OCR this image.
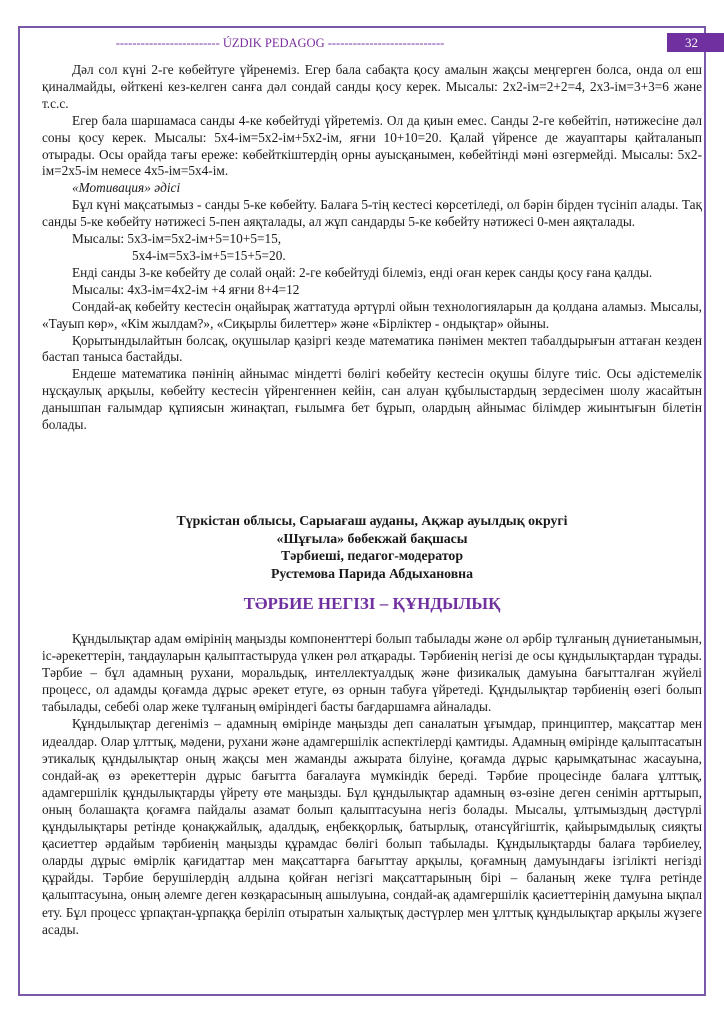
------------------------- ÚZDIK PEDAGOG ----------------------------	32

Дәл сол күні 2-ге көбейтуге үйренеміз. Егер бала сабақта қосу амалын жақсы меңгерген болса, онда ол еш қиналмайды, өйткені кез-келген санға дәл сондай санды қосу керек. Мысалы: 2х2-ім=2+2=4, 2х3-ім=3+3=6 және т.с.с.

Егер бала шаршамаса санды 4-ке көбейтуді үйретеміз. Ол да қиын емес. Санды 2-ге көбейтіп, нәтижесіне дәл соны қосу керек. Мысалы: 5х4-ім=5х2-ім+5х2-ім, яғни 10+10=20. Қалай үйренсе де жауаптары қайталанып отырады. Осы орайда тағы ереже: көбейткіштердің орны ауысқанымен, көбейтінді мәні өзгермейді. Мысалы: 5х2-ім=2х5-ім немесе 4х5-ім=5х4-ім.

«Мотивация» әдісі

Бұл күні мақсатымыз - санды 5-ке көбейту. Балаға 5-тің кестесі көрсетіледі, ол бәрін бірден түсініп алады. Тақ санды 5-ке көбейту нәтижесі 5-пен аяқталады, ал жұп сандарды 5-ке көбейту нәтижесі 0-мен аяқталады.

Мысалы: 5х3-ім=5х2-ім+5=10+5=15,

5х4-ім=5х3-ім+5=15+5=20.

Енді санды 3-ке көбейту де солай оңай: 2-ге көбейтуді білеміз, енді оған керек санды қосу ғана қалды.

Мысалы: 4х3-ім=4х2-ім +4 яғни 8+4=12

Сондай-ақ көбейту кестесін оңайырақ жаттатуда әртүрлі ойын технологияларын да қолдана аламыз. Мысалы, «Тауып көр», «Кім жылдам?», «Сиқырлы билеттер» және «Бірліктер - ондықтар» ойыны.

Қорытындылайтын болсақ, оқушылар қазіргі кезде математика пәнімен мектеп табалдырығын аттаған кезден бастап таныса бастайды.

Ендеше математика пәнінің айнымас міндетті бөлігі көбейту кестесін оқушы білуге тиіс. Осы әдістемелік нұсқаулық арқылы, көбейту кестесін үйренгеннен кейін, сан алуан құбылыстардың зердесімен шолу жасайтын данышпан ғалымдар құпиясын жинақтап, ғылымға бет бұрып, олардың айнымас білімдер жиынтығын білетін болады.

Түркістан облысы, Сарыағаш ауданы, Ақжар ауылдық округі
«Шұғыла» бөбекжай бақшасы
Тәрбиеші, педагог-модератор
Рустемова Парида Абдыхановна
ТӘРБИЕ НЕГІЗІ – ҚҰНДЫЛЫҚ

Құндылықтар адам өмірінің маңызды компоненттері болып табылады және ол әрбір тұлғаның дүниетанымын, іс-әрекеттерін, таңдауларын қалыптастыруда үлкен рөл атқарады. Тәрбиенің негізі де осы құндылықтардан тұрады. Тәрбие – бұл адамның рухани, моральдық, интеллектуалдық және физикалық дамуына бағытталған жүйелі процесс, ол адамды қоғамда дұрыс әрекет етуге, өз орнын табуға үйретеді. Құндылықтар тәрбиенің өзегі болып табылады, себебі олар жеке тұлғаның өміріндегі басты бағдаршамға айналады.

Құндылықтар дегеніміз – адамның өмірінде маңызды деп саналатын ұғымдар, принциптер, мақсаттар мен идеалдар. Олар ұлттық, мәдени, рухани және адамгершілік аспектілерді қамтиды. Адамның өмірінде қалыптасатын этикалық құндылықтар оның жақсы мен жаманды ажырата білуіне, қоғамда дұрыс қарымқатынас жасауына, сондай-ақ өз әрекеттерін дұрыс бағытта бағалауға мүмкіндік береді. Тәрбие процесінде балаға ұлттық, адамгершілік құндылықтарды үйрету өте маңызды. Бұл құндылықтар адамның өз-өзіне деген сенімін арттырып, оның болашақта қоғамға пайдалы азамат болып қалыптасуына негіз болады. Мысалы, ұлтымыздың дәстүрлі құндылықтары ретінде қонақжайлық, адалдық, еңбекқорлық, батырлық, отансүйгіштік, қайырымдылық сияқты қасиеттер әрдайым тәрбиенің маңызды құрамдас бөлігі болып табылады. Құндылықтарды балаға тәрбиелеу, оларды дұрыс өмірлік қағидаттар мен мақсаттарға бағыттау арқылы, қоғамның дамуындағы ізгілікті негізді құрайды. Тәрбие берушілердің алдына қойған негізгі мақсаттарының бірі – баланың жеке тұлға ретінде қалыптасуына, оның әлемге деген көзқарасының ашылуына, сондай-ақ адамгершілік қасиеттерінің дамуына ықпал ету. Бұл процесс ұрпақтан-ұрпаққа беріліп отыратын халықтық дәстүрлер мен ұлттық құндылықтар арқылы жүзеге асады.
